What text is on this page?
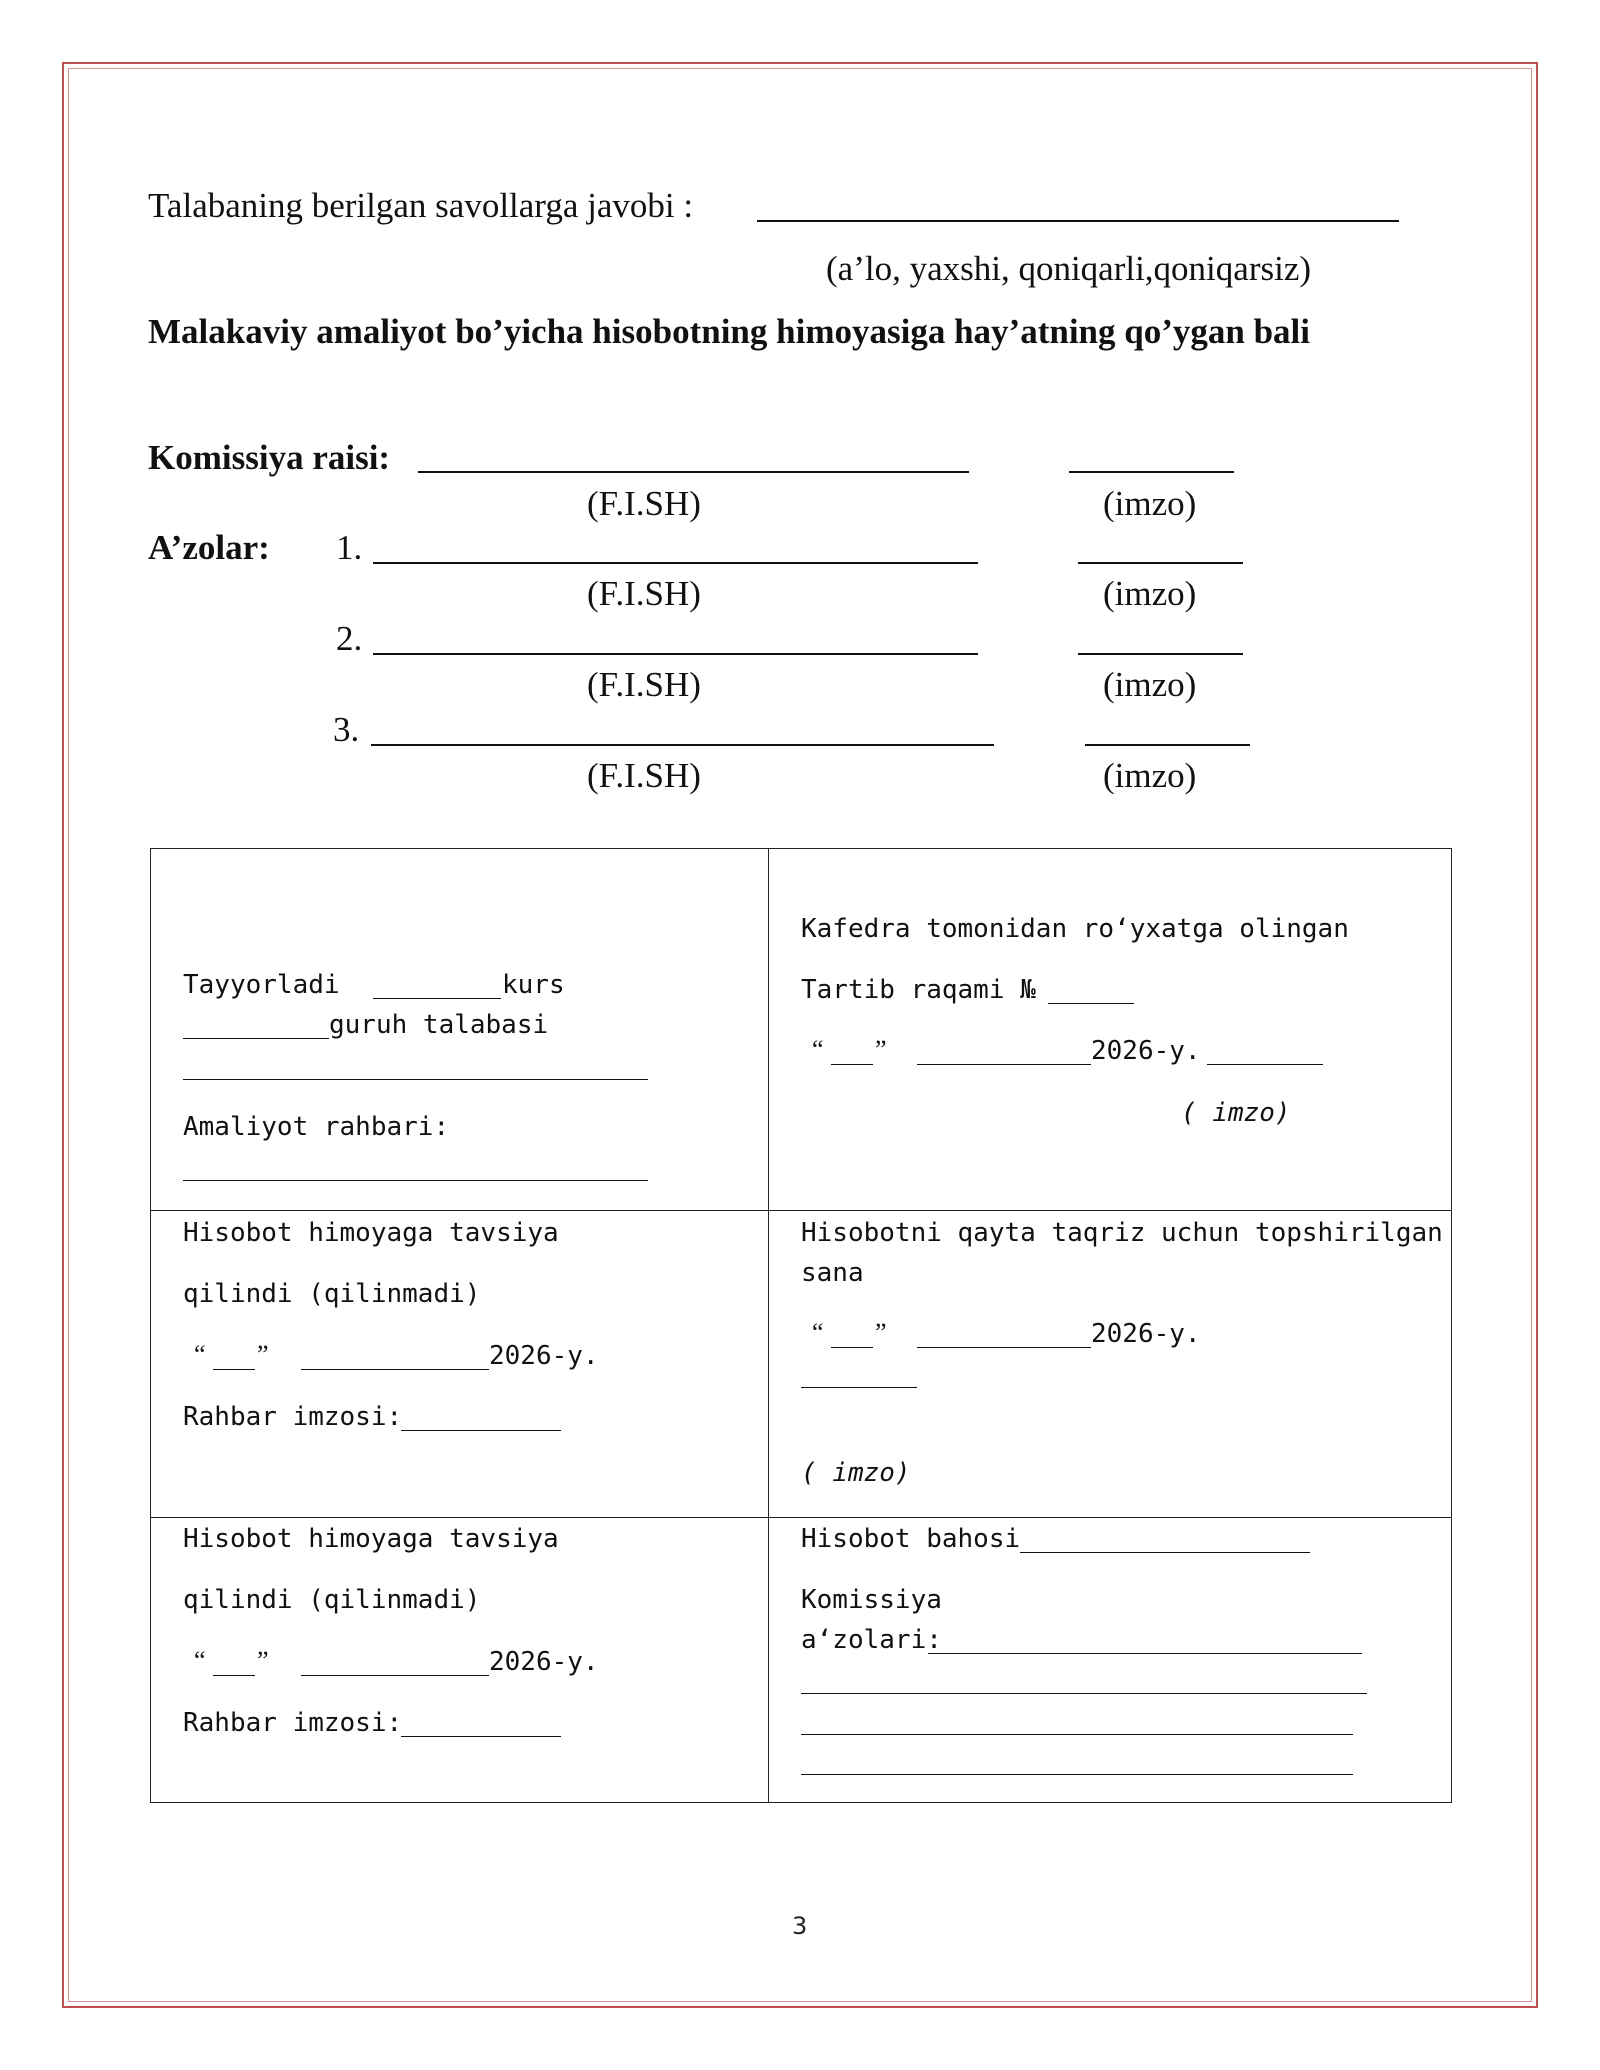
Talabaning berilgan savollarga javobi :
(a’lo, yaxshi, qoniqarli,qoniqarsiz)
Malakaviy amaliyot bo’yicha hisobotning himoyasiga hay’atning qo’ygan bali
Komissiya raisi:
(F.I.SH)	(imzo)
A’zolar: 1.
(F.I.SH)	(imzo)
2.
(F.I.SH)	(imzo)
3.
(F.I.SH)	(imzo)
Tayyorladi	kurs
guruh talabasi
Amaliyot rahbari:
Kafedra tomonidan ro‘yxatga olingan
Tartib raqami №
“ ”	2026-y.
( imzo)
Hisobot himoyaga tavsiya
qilindi (qilinmadi)
“ ”	2026-y.
Rahbar imzosi:
Hisobotni qayta taqriz uchun topshirilgan
sana
“ ”	2026-y.
( imzo)
Hisobot himoyaga tavsiya
qilindi (qilinmadi)
“ ”	2026-y.
Rahbar imzosi:
Hisobot bahosi
Komissiya
a‘zolari:
3
